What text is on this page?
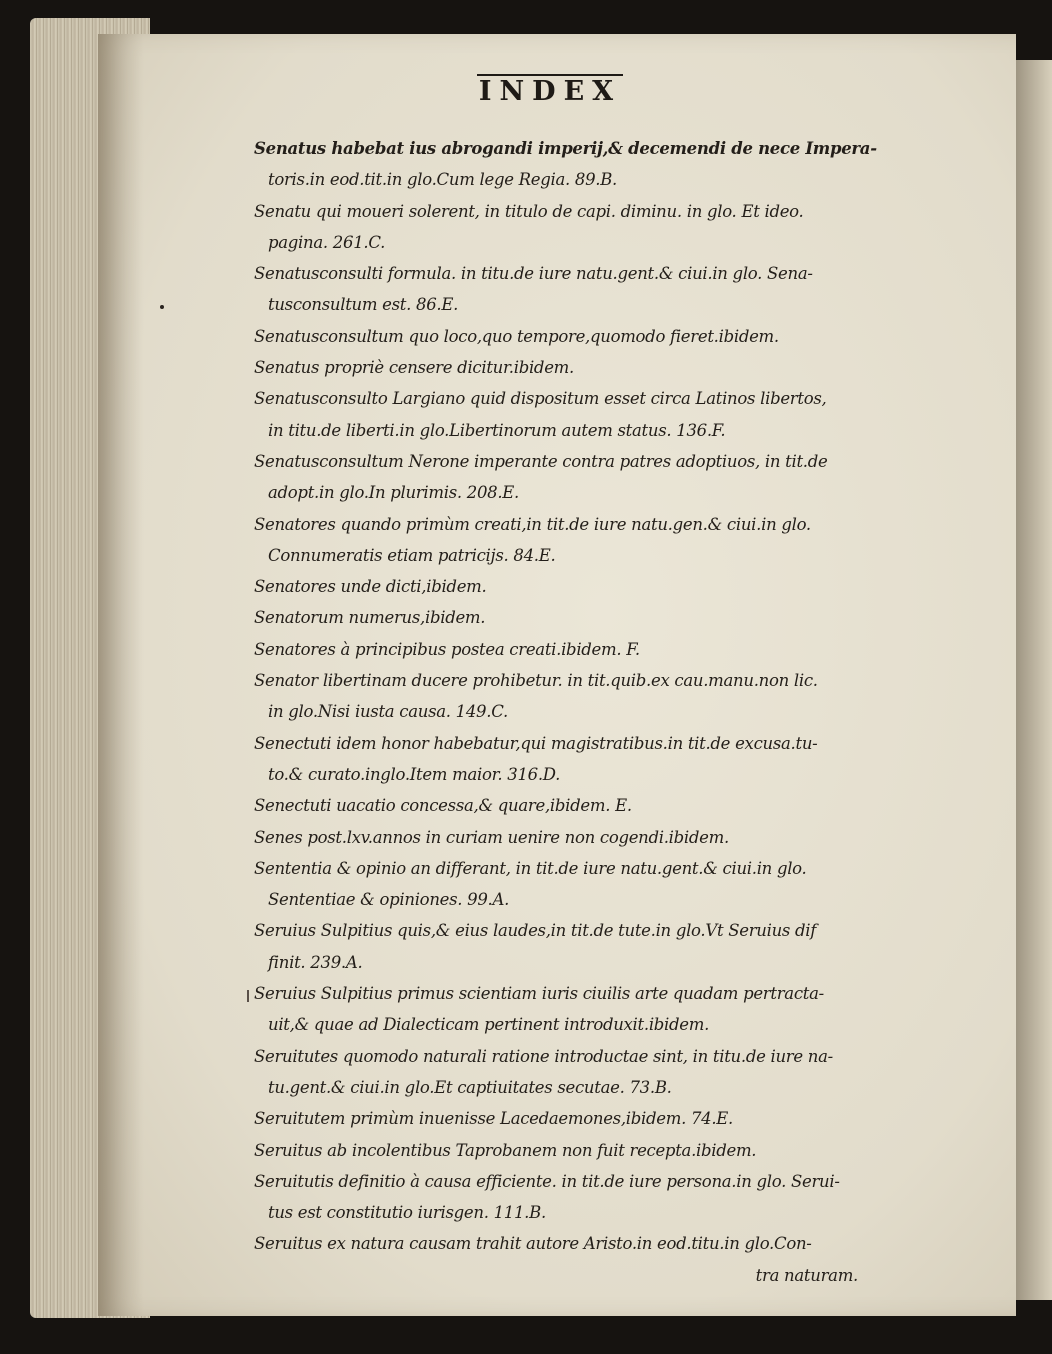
INDEX
Senatus habebat ius abrogandi imperij,& decemendi de nece Impera-
toris.in eod.tit.in glo.Cum lege Regia. 89.B.
Senatu qui moueri solerent, in titulo de capi. diminu. in glo. Et ideo.
pagina. 261.C.
Senatusconsulti formula. in titu.de iure natu.gent.& ciui.in glo. Sena-
tusconsultum est. 86.E.
Senatusconsultum quo loco,quo tempore,quomodo fieret.ibidem.
Senatus propriè censere dicitur.ibidem.
Senatusconsulto Largiano quid dispositum esset circa Latinos libertos,
in titu.de liberti.in glo.Libertinorum autem status. 136.F.
Senatusconsultum Nerone imperante contra patres adoptiuos, in tit.de
adopt.in glo.In plurimis. 208.E.
Senatores quando primùm creati,in tit.de iure natu.gen.& ciui.in glo.
Connumeratis etiam patricijs. 84.E.
Senatores unde dicti,ibidem.
Senatorum numerus,ibidem.
Senatores à principibus postea creati.ibidem. F.
Senator libertinam ducere prohibetur. in tit.quib.ex cau.manu.non lic.
in glo.Nisi iusta causa. 149.C.
Senectuti idem honor habebatur,qui magistratibus.in tit.de excusa.tu-
to.& curato.inglo.Item maior. 316.D.
Senectuti uacatio concessa,& quare,ibidem. E.
Senes post.lxv.annos in curiam uenire non cogendi.ibidem.
Sententia & opinio an differant, in tit.de iure natu.gent.& ciui.in glo.
Sententiae & opiniones. 99.A.
Seruius Sulpitius quis,& eius laudes,in tit.de tute.in glo.Vt Seruius dif
finit. 239.A.
Seruius Sulpitius primus scientiam iuris ciuilis arte quadam pertracta-
uit,& quae ad Dialecticam pertinent introduxit.ibidem.
Seruitutes quomodo naturali ratione introductae sint, in titu.de iure na-
tu.gent.& ciui.in glo.Et captiuitates secutae. 73.B.
Seruitutem primùm inuenisse Lacedaemones,ibidem. 74.E.
Seruitus ab incolentibus Taprobanem non fuit recepta.ibidem.
Seruitutis definitio à causa efficiente. in tit.de iure persona.in glo. Serui-
tus est constitutio iurisgen. 111.B.
Seruitus ex natura causam trahit autore Aristo.in eod.titu.in glo.Con-
tra naturam.
